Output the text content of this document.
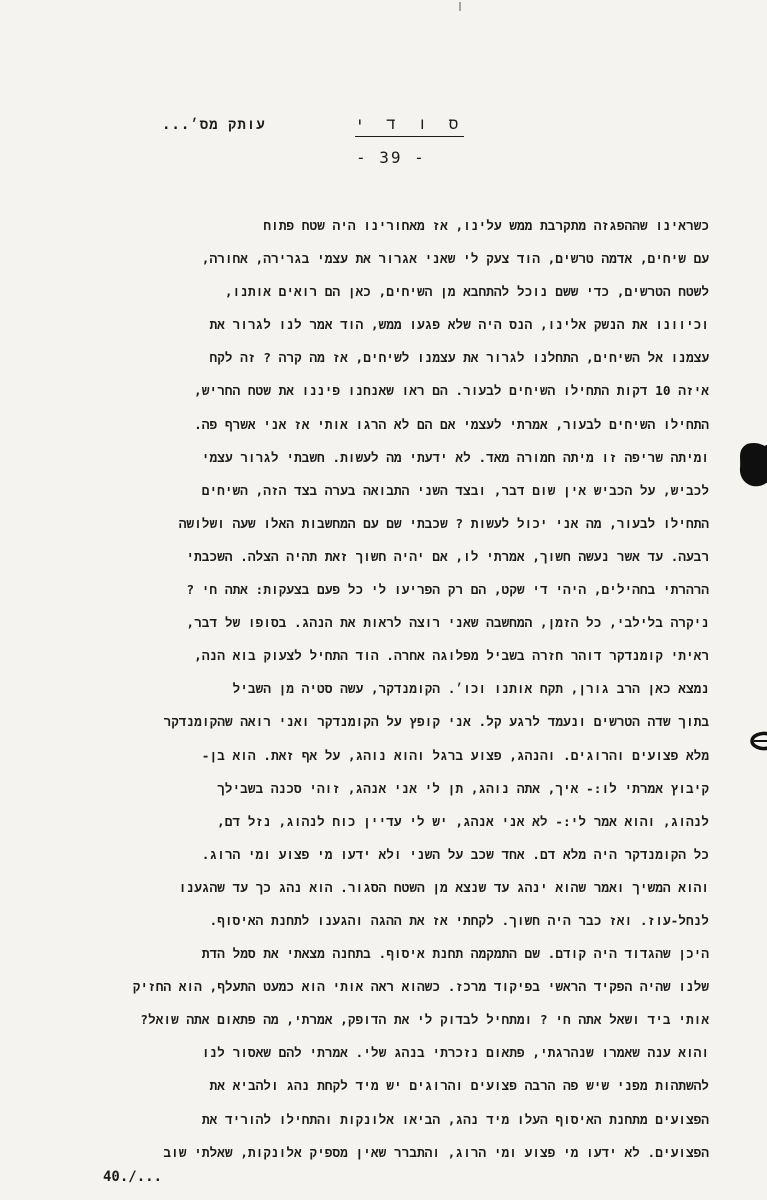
עותק מס׳...	ס ו ד י
- 39 -
כשראינו שההפגזה מתקרבת ממש עלינו, אז מאחורינו היה שטח פתוח
עם שיחים, אדמה טרשים, הוד צעק לי שאני אגרור את עצמי בגרירה, אחורה,
לשטח הטרשים, כדי ששם נוכל להתחבא מן השיחים, כאן הם רואים אותנו,
וכיוונו את הנשק אלינו, הנס היה שלא פגעו ממש, הוד אמר לנו לגרור את
עצמנו אל השיחים, התחלנו לגרור את עצמנו לשיחים, אז מה קרה ? זה לקח
איזה 10 דקות התחילו השיחים לבעור. הם ראו שאנחנו פיננו את שטח החריש,
התחילו השיחים לבעור, אמרתי לעצמי אם הם לא הרגו אותי אז אני אשרף פה.
ומיתה שריפה זו מיתה חמורה מאד. לא ידעתי מה לעשות. חשבתי לגרור עצמי
לכביש, על הכביש אין שום דבר, ובצד השני התבואה בערה בצד הזה, השיחים
התחילו לבעור, מה אני יכול לעשות ? שכבתי שם עם המחשבות האלו שעה ושלושה
רבעה. עד אשר נעשה חשוך, אמרתי לו, אם יהיה חשוך זאת תהיה הצלה. השכבתי
הרהרתי בחהילים, היהי די שקט, הם רק הפריעו לי כל פעם בצעקות: אתה חי ?
ניקרה בלילבי, כל הזמן, המחשבה שאני רוצה לראות את הנהג. בסופו של דבר,
ראיתי קומנדקר דוהר חזרה בשביל מפלוגה אחרה. הוד התחיל לצעוק בוא הנה,
נמצא כאן הרב גורן, תקח אותנו וכו׳. הקומנדקר, עשה סטיה מן השביל
בתוך שדה הטרשים ונעמד לרגע קל. אני קופץ על הקומנדקר ואני רואה שהקומנדקר
מלא פצועים והרוגים. והנהג, פצוע ברגל והוא נוהג, על אף זאת. הוא בן-
קיבוץ אמרתי לו:- איך, אתה נוהג, תן לי אני אנהג, זוהי סכנה בשבילך
לנהוג, והוא אמר לי:- לא אני אנהג, יש לי עדיין כוח לנהוג, נזל דם,
כל הקומנדקר היה מלא דם. אחד שכב על השני ולא ידעו מי פצוע ומי הרוג.
והוא המשיך ואמר שהוא ינהג עד שנצא מן השטח הסגור. הוא נהג כך עד שהגענו
לנחל-עוז. ואז כבר היה חשוך. לקחתי אז את ההגה והגענו לתחנת האיסוף.
היכן שהגדוד היה קודם. שם התמקמה תחנת איסוף. בתחנה מצאתי את סמל הדת
שלנו שהיה הפקיד הראשי בפיקוד מרכז. כשהוא ראה אותי הוא כמעט התעלף, הוא החזיק
אותי ביד ושאל אתה חי ? ומתחיל לבדוק לי את הדופק, אמרתי, מה פתאום אתה שואל?
והוא ענה שאמרו שנהרגתי, פתאום נזכרתי בנהג שלי. אמרתי להם שאסור לנו
להשתהות מפני שיש פה הרבה פצועים והרוגים יש מיד לקחת נהג ולהביא את
הפצועים מתחנת האיסוף העלו מיד נהג, הביאו אלונקות והתחילו להוריד את
הפצועים. לא ידעו מי פצוע ומי הרוג, והתברר שאין מספיק אלונקות, שאלתי שוב
40./...
